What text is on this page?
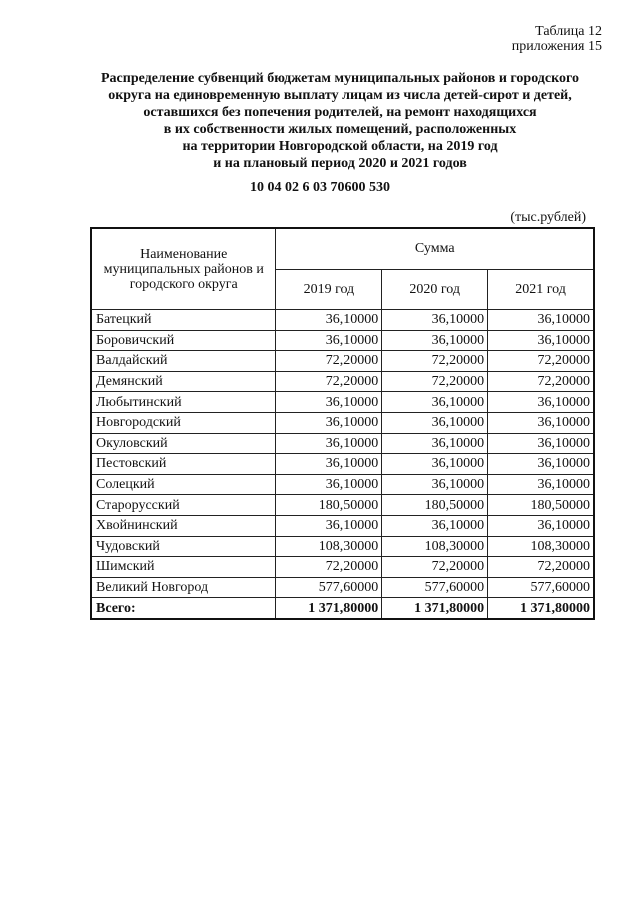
Таблица 12
приложения 15
Распределение субвенций бюджетам муниципальных районов и городского
округа на единовременную выплату лицам из числа детей-сирот и детей,
оставшихся без попечения родителей, на ремонт находящихся
в их собственности жилых помещений, расположенных
на территории Новгородской области, на 2019 год
и на плановый период 2020 и 2021 годов
10 04 02 6 03 70600 530
(тыс.рублей)
Наименование муниципальных районов и городского округа	Сумма		
	2019 год	2020 год	2021 год
Батецкий	36,10000	36,10000	36,10000
Боровичский	36,10000	36,10000	36,10000
Валдайский	72,20000	72,20000	72,20000
Демянский	72,20000	72,20000	72,20000
Любытинский	36,10000	36,10000	36,10000
Новгородский	36,10000	36,10000	36,10000
Окуловский	36,10000	36,10000	36,10000
Пестовский	36,10000	36,10000	36,10000
Солецкий	36,10000	36,10000	36,10000
Старорусский	180,50000	180,50000	180,50000
Хвойнинский	36,10000	36,10000	36,10000
Чудовский	108,30000	108,30000	108,30000
Шимский	72,20000	72,20000	72,20000
Великий Новгород	577,60000	577,60000	577,60000
Всего:	1 371,80000	1 371,80000	1 371,80000
